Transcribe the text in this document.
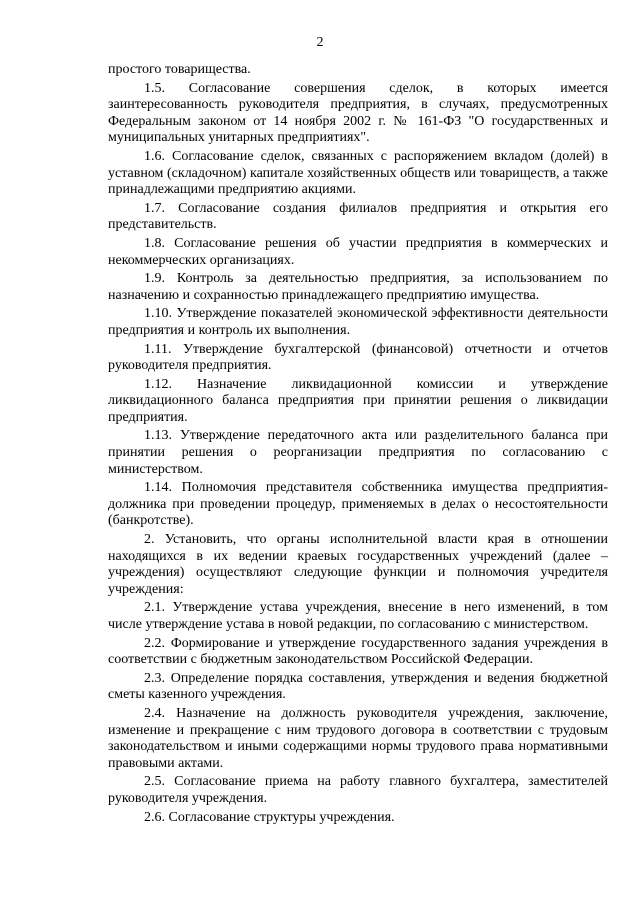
2

простого товарищества.

1.5. Согласование совершения сделок, в которых имеется заинтересованность руководителя предприятия, в случаях, предусмотренных Федеральным законом от 14 ноября 2002 г. № 161-ФЗ "О государственных и муниципальных унитарных предприятиях".

1.6. Согласование сделок, связанных с распоряжением вкладом (долей) в уставном (складочном) капитале хозяйственных обществ или товариществ, а также принадлежащими предприятию акциями.

1.7. Согласование создания филиалов предприятия и открытия его представительств.

1.8. Согласование решения об участии предприятия в коммерческих и некоммерческих организациях.

1.9. Контроль за деятельностью предприятия, за использованием по назначению и сохранностью принадлежащего предприятию имущества.

1.10. Утверждение показателей экономической эффективности деятельности предприятия и контроль их выполнения.

1.11. Утверждение бухгалтерской (финансовой) отчетности и отчетов руководителя предприятия.

1.12. Назначение ликвидационной комиссии и утверждение ликвидационного баланса предприятия при принятии решения о ликвидации предприятия.

1.13. Утверждение передаточного акта или разделительного баланса при принятии решения о реорганизации предприятия по согласованию с министерством.

1.14. Полномочия представителя собственника имущества предприятия-должника при проведении процедур, применяемых в делах о несостоятельности (банкротстве).

2. Установить, что органы исполнительной власти края в отношении находящихся в их ведении краевых государственных учреждений (далее – учреждения) осуществляют следующие функции и полномочия учредителя учреждения:

2.1. Утверждение устава учреждения, внесение в него изменений, в том числе утверждение устава в новой редакции, по согласованию с министерством.

2.2. Формирование и утверждение государственного задания учреждения в соответствии с бюджетным законодательством Российской Федерации.

2.3. Определение порядка составления, утверждения и ведения бюджетной сметы казенного учреждения.

2.4. Назначение на должность руководителя учреждения, заключение, изменение и прекращение с ним трудового договора в соответствии с трудовым законодательством и иными содержащими нормы трудового права нормативными правовыми актами.

2.5. Согласование приема на работу главного бухгалтера, заместителей руководителя учреждения.

2.6. Согласование структуры учреждения.
